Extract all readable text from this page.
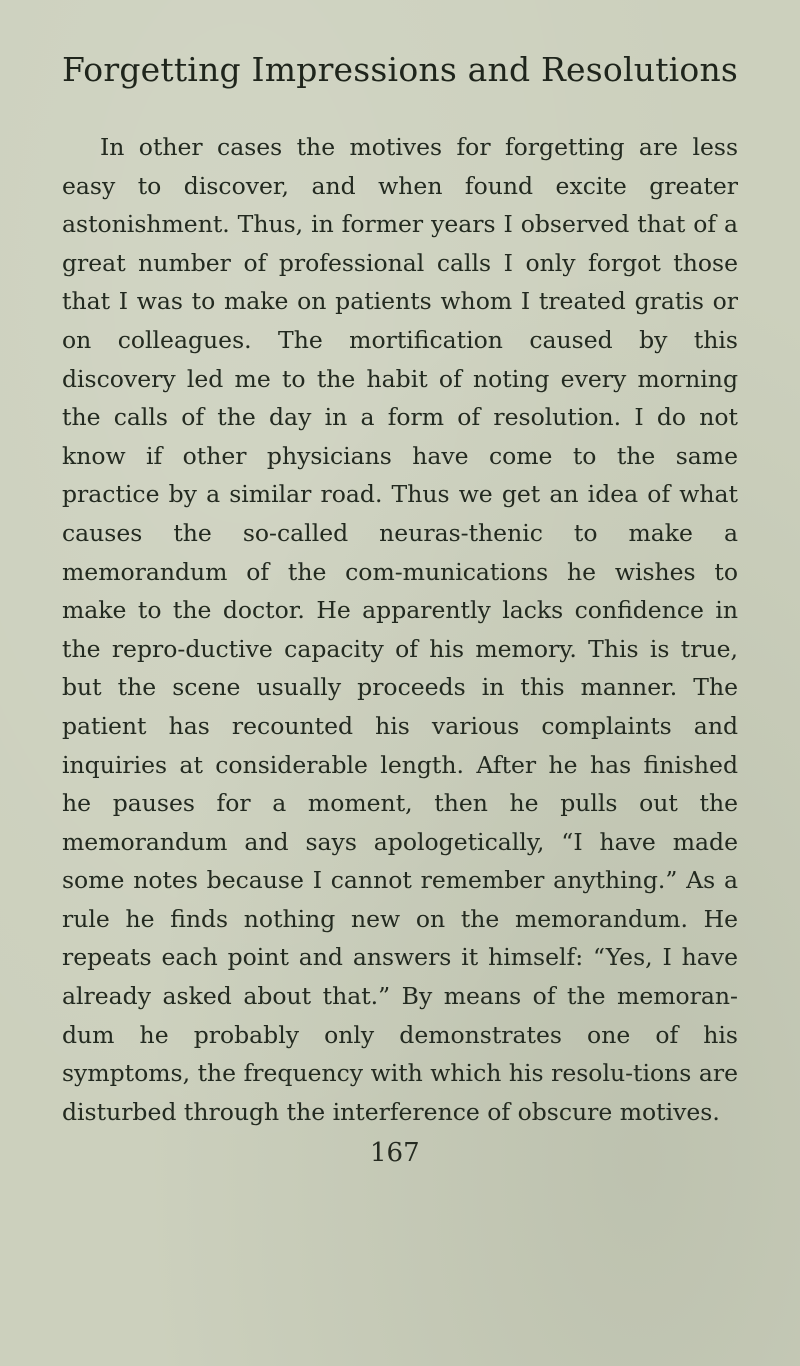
Forgetting Impressions and Resolutions

In other cases the motives for forgetting are less easy to discover, and when found excite greater astonishment. Thus, in former years I observed that of a great number of professional calls I only forgot those that I was to make on patients whom I treated gratis or on colleagues. The mortification caused by this discovery led me to the habit of noting every morning the calls of the day in a form of resolution. I do not know if other physicians have come to the same practice by a similar road. Thus we get an idea of what causes the so-called neuras-thenic to make a memorandum of the com-munications he wishes to make to the doctor. He apparently lacks confidence in the repro-ductive capacity of his memory. This is true, but the scene usually proceeds in this manner. The patient has recounted his various complaints and inquiries at considerable length. After he has finished he pauses for a moment, then he pulls out the memorandum and says apologetically, “I have made some notes because I cannot remember anything.” As a rule he finds nothing new on the memorandum. He repeats each point and answers it himself: “Yes, I have already asked about that.” By means of the memoran-dum he probably only demonstrates one of his symptoms, the frequency with which his resolu-tions are disturbed through the interference of obscure motives.

167
